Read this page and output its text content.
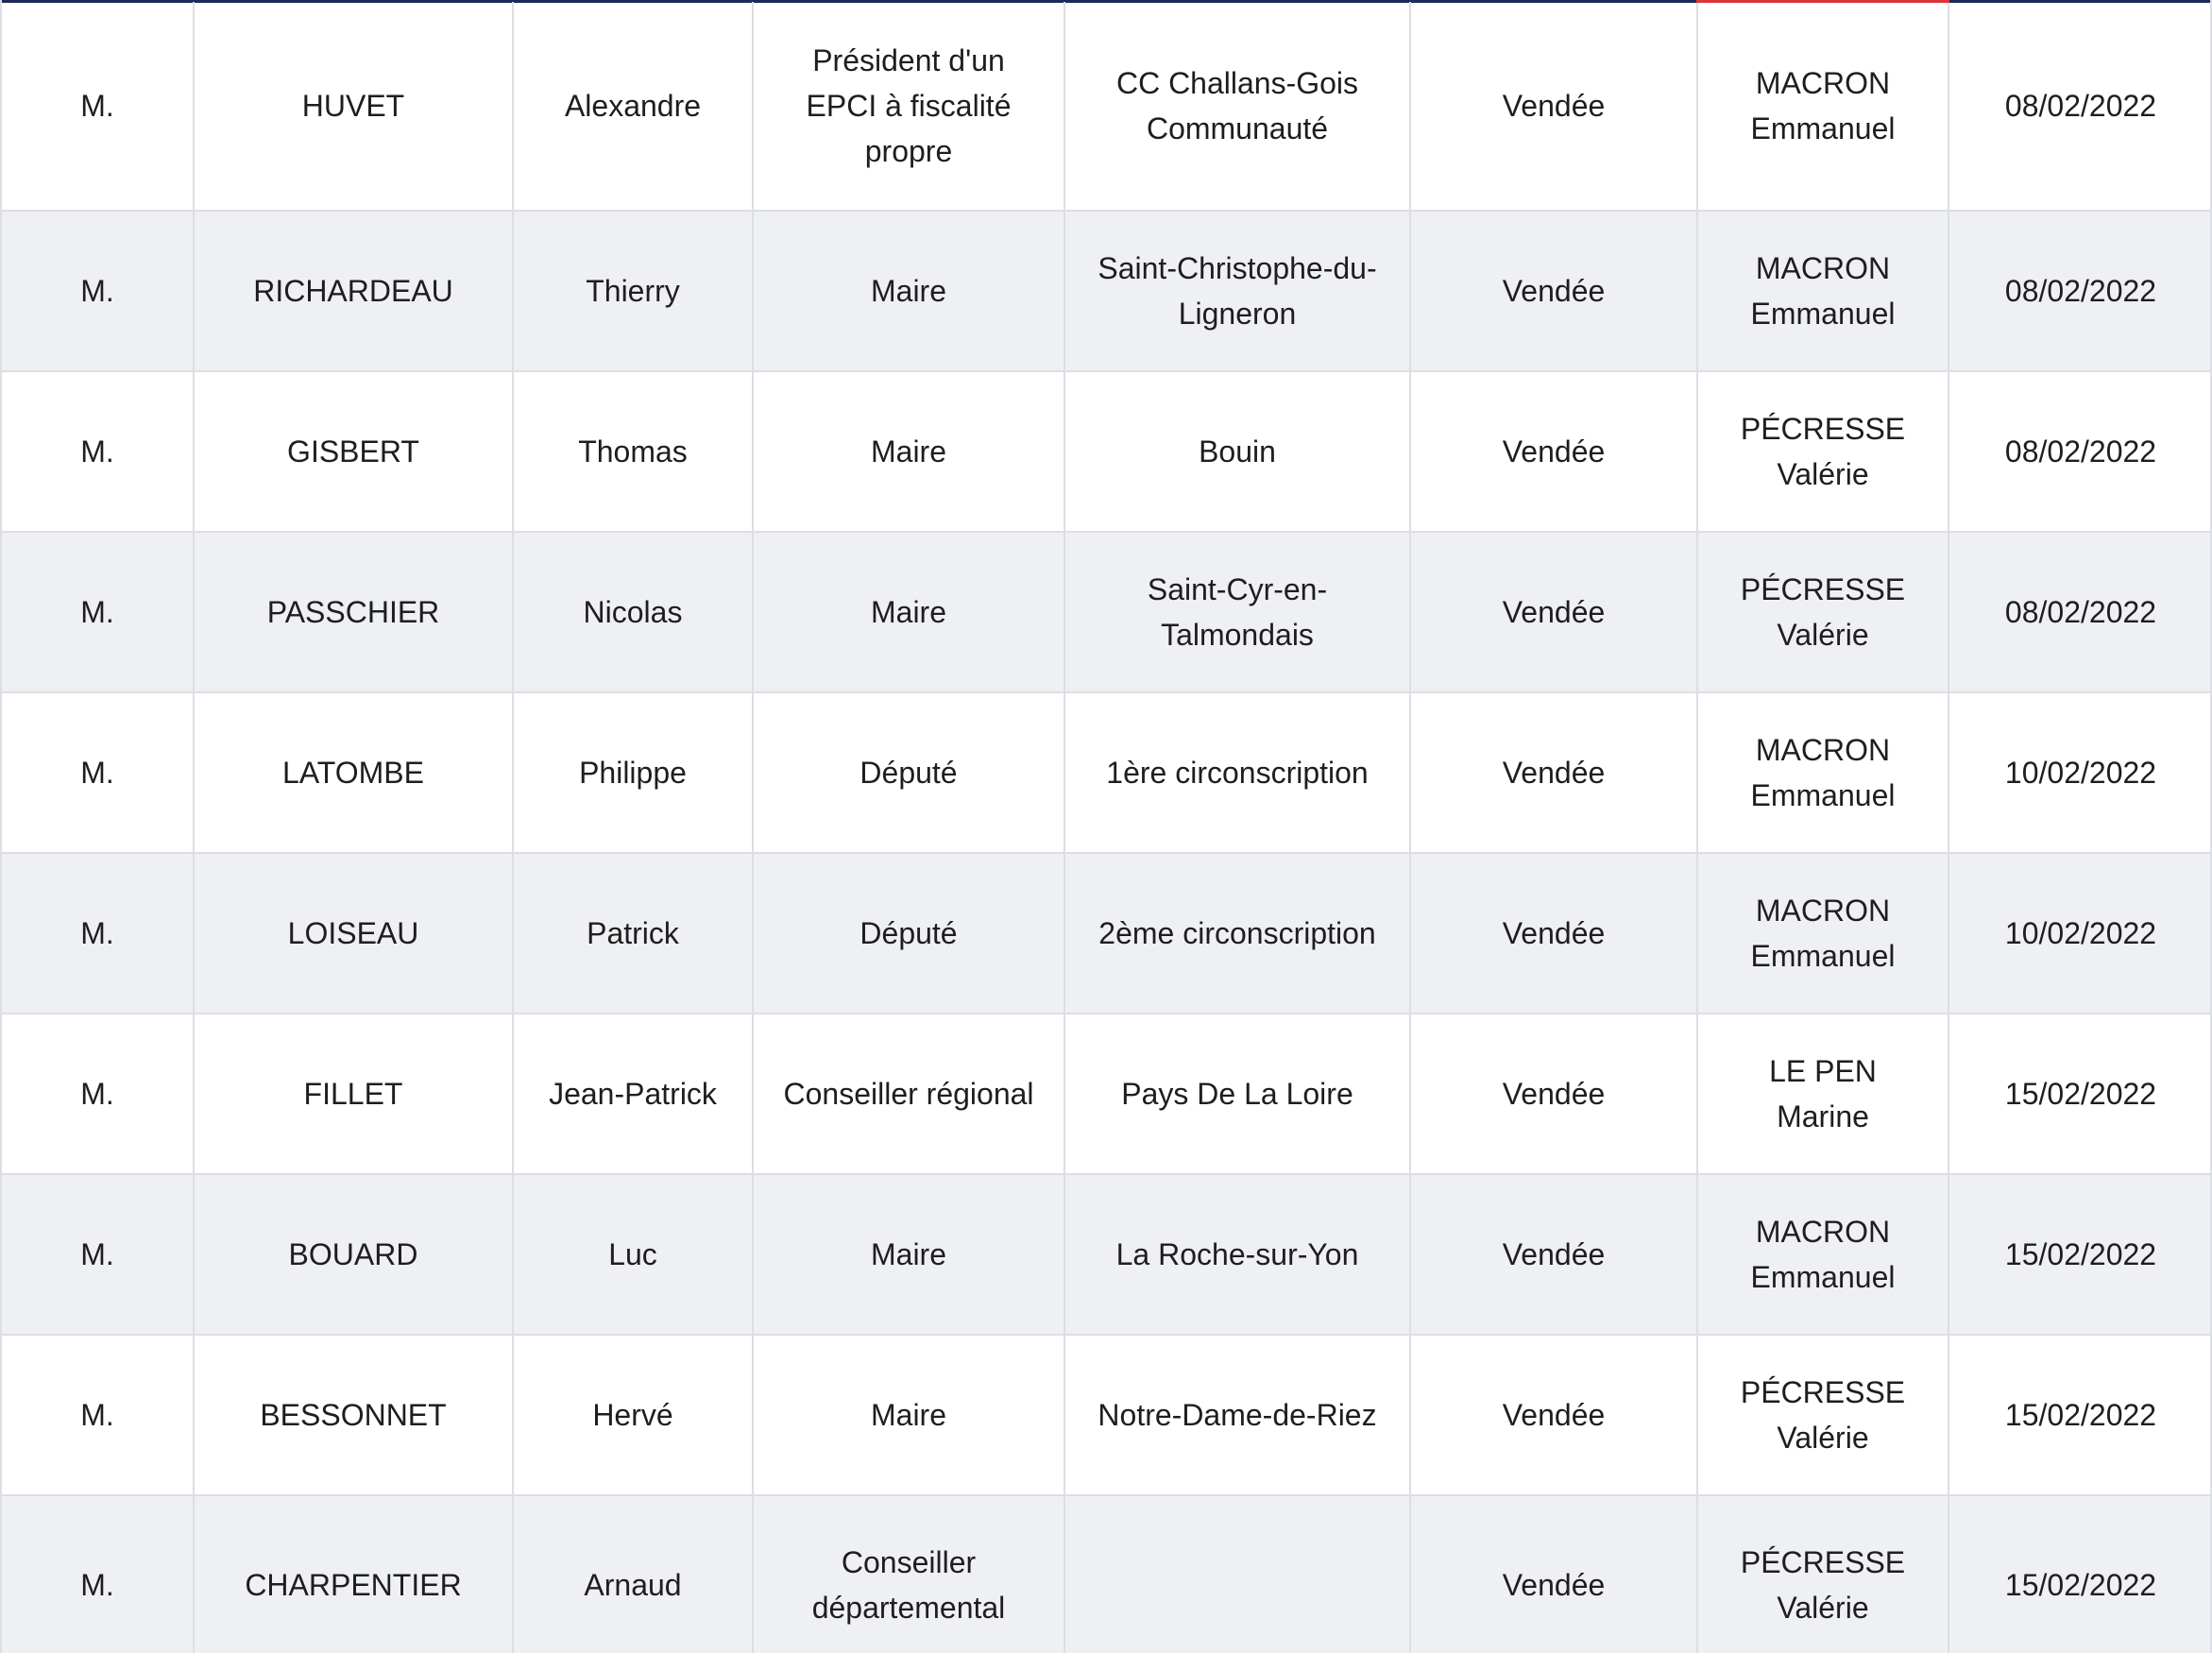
M.	HUVET	Alexandre	Président d'un EPCI à fiscalité propre	CC Challans-Gois Communauté	Vendée	MACRON Emmanuel	08/02/2022
M.	RICHARDEAU	Thierry	Maire	Saint-Christophe-du-Ligneron	Vendée	MACRON Emmanuel	08/02/2022
M.	GISBERT	Thomas	Maire	Bouin	Vendée	PÉCRESSE Valérie	08/02/2022
M.	PASSCHIER	Nicolas	Maire	Saint-Cyr-en-Talmondais	Vendée	PÉCRESSE Valérie	08/02/2022
M.	LATOMBE	Philippe	Député	1ère circonscription	Vendée	MACRON Emmanuel	10/02/2022
M.	LOISEAU	Patrick	Député	2ème circonscription	Vendée	MACRON Emmanuel	10/02/2022
M.	FILLET	Jean-Patrick	Conseiller régional	Pays De La Loire	Vendée	LE PEN Marine	15/02/2022
M.	BOUARD	Luc	Maire	La Roche-sur-Yon	Vendée	MACRON Emmanuel	15/02/2022
M.	BESSONNET	Hervé	Maire	Notre-Dame-de-Riez	Vendée	PÉCRESSE Valérie	15/02/2022
M.	CHARPENTIER	Arnaud	Conseiller départemental		Vendée	PÉCRESSE Valérie	15/02/2022
